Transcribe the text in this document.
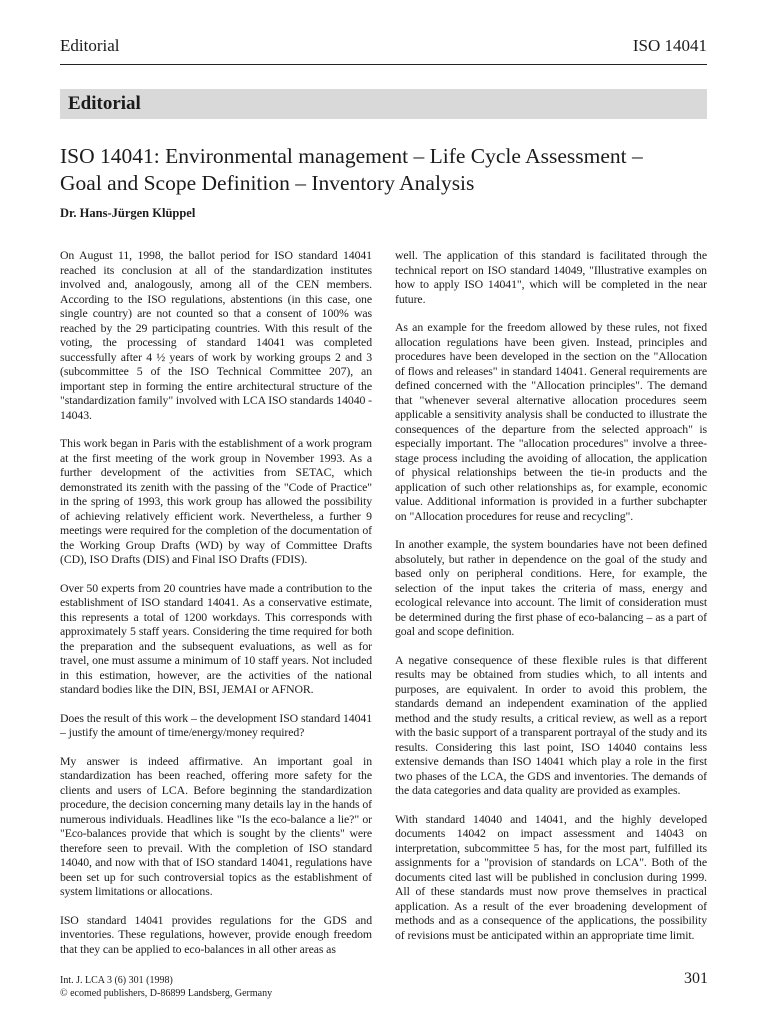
Editorial	ISO 14041
Editorial
ISO 14041: Environmental management – Life Cycle Assessment –
Goal and Scope Definition – Inventory Analysis
Dr. Hans-Jürgen Klüppel

On August 11, 1998, the ballot period for ISO standard 14041 reached its conclusion at all of the standardization institutes involved and, analogously, among all of the CEN members. According to the ISO regulations, abstentions (in this case, one single country) are not counted so that a consent of 100% was reached by the 29 participating countries. With this result of the voting, the processing of standard 14041 was completed successfully after 4 ½ years of work by working groups 2 and 3 (subcommittee 5 of the ISO Technical Committee 207), an important step in forming the entire architectural structure of the "standardization family" involved with LCA ISO standards 14040 - 14043.

This work began in Paris with the establishment of a work program at the first meeting of the work group in November 1993. As a further development of the activities from SETAC, which demonstrated its zenith with the passing of the "Code of Practice" in the spring of 1993, this work group has allowed the possibility of achieving relatively efficient work. Nevertheless, a further 9 meetings were required for the completion of the documentation of the Working Group Drafts (WD) by way of Committee Drafts (CD), ISO Drafts (DIS) and Final ISO Drafts (FDIS).

Over 50 experts from 20 countries have made a contribution to the establishment of ISO standard 14041. As a conservative estimate, this represents a total of 1200 workdays. This corresponds with approximately 5 staff years. Considering the time required for both the preparation and the subsequent evaluations, as well as for travel, one must assume a minimum of 10 staff years. Not included in this estimation, however, are the activities of the national standard bodies like the DIN, BSI, JEMAI or AFNOR.

Does the result of this work – the development ISO standard 14041 – justify the amount of time/energy/money required?

My answer is indeed affirmative. An important goal in standardization has been reached, offering more safety for the clients and users of LCA. Before beginning the standardization procedure, the decision concerning many details lay in the hands of numerous individuals. Headlines like "Is the eco-balance a lie?" or "Eco-balances provide that which is sought by the clients" were therefore seen to prevail. With the completion of ISO standard 14040, and now with that of ISO standard 14041, regulations have been set up for such controversial topics as the establishment of system limitations or allocations.

ISO standard 14041 provides regulations for the GDS and inventories. These regulations, however, provide enough freedom that they can be applied to eco-balances in all other areas as

well. The application of this standard is facilitated through the technical report on ISO standard 14049, "Illustrative examples on how to apply ISO 14041", which will be completed in the near future.

As an example for the freedom allowed by these rules, not fixed allocation regulations have been given. Instead, principles and procedures have been developed in the section on the "Allocation of flows and releases" in standard 14041. General requirements are defined concerned with the "Allocation principles". The demand that "whenever several alternative allocation procedures seem applicable a sensitivity analysis shall be conducted to illustrate the consequences of the departure from the selected approach" is especially important. The "allocation procedures" involve a three-stage process including the avoiding of allocation, the application of physical relationships between the tie-in products and the application of such other relationships as, for example, economic value. Additional information is provided in a further subchapter on "Allocation procedures for reuse and recycling".

In another example, the system boundaries have not been defined absolutely, but rather in dependence on the goal of the study and based only on peripheral conditions. Here, for example, the selection of the input takes the criteria of mass, energy and ecological relevance into account. The limit of consideration must be determined during the first phase of eco-balancing – as a part of goal and scope definition.

A negative consequence of these flexible rules is that different results may be obtained from studies which, to all intents and purposes, are equivalent. In order to avoid this problem, the standards demand an independent examination of the applied method and the study results, a critical review, as well as a report with the basic support of a transparent portrayal of the study and its results. Considering this last point, ISO 14040 contains less extensive demands than ISO 14041 which play a role in the first two phases of the LCA, the GDS and inventories. The demands of the data categories and data quality are provided as examples.

With standard 14040 and 14041, and the highly developed documents 14042 on impact assessment and 14043 on interpretation, subcommittee 5 has, for the most part, fulfilled its assignments for a "provision of standards on LCA". Both of the documents cited last will be published in conclusion during 1999. All of these standards must now prove themselves in practical application. As a result of the ever broadening development of methods and as a consequence of the applications, the possibility of revisions must be anticipated within an appropriate time limit.

Int. J. LCA 3 (6) 301 (1998)
© ecomed publishers, D-86899 Landsberg, Germany
301
